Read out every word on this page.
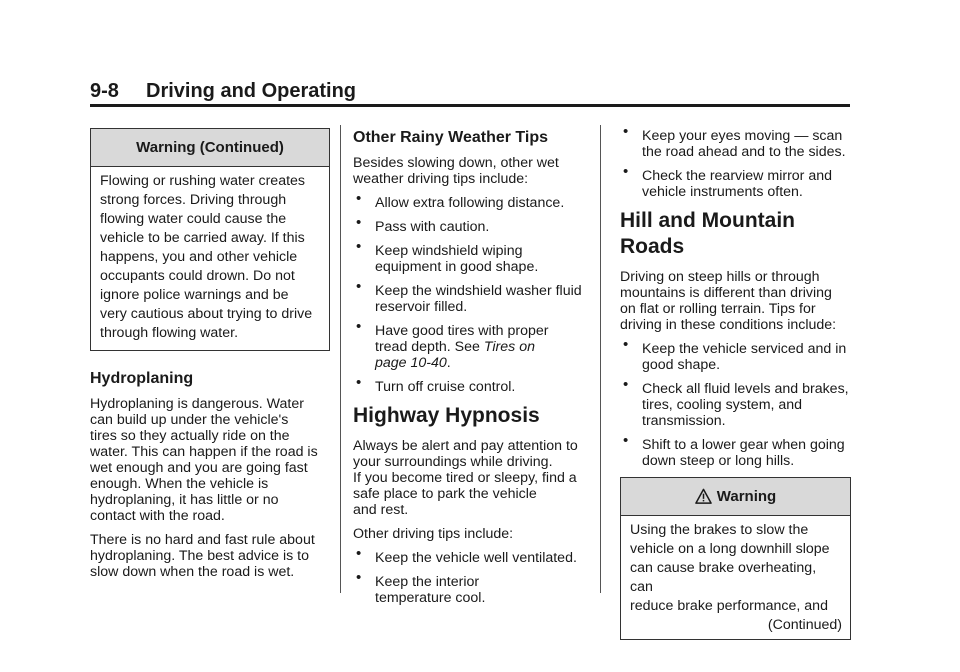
9-8	Driving and Operating
Warning (Continued)
Flowing or rushing water creates
strong forces. Driving through
flowing water could cause the
vehicle to be carried away. If this
happens, you and other vehicle
occupants could drown. Do not
ignore police warnings and be
very cautious about trying to drive
through flowing water.
Hydroplaning
Hydroplaning is dangerous. Water
can build up under the vehicle's
tires so they actually ride on the
water. This can happen if the road is
wet enough and you are going fast
enough. When the vehicle is
hydroplaning, it has little or no
contact with the road.
There is no hard and fast rule about
hydroplaning. The best advice is to
slow down when the road is wet.
Other Rainy Weather Tips
Besides slowing down, other wet
weather driving tips include:
• Allow extra following distance.
• Pass with caution.
• Keep windshield wiping
equipment in good shape.
• Keep the windshield washer fluid
reservoir filled.
• Have good tires with proper
tread depth. See Tires on
page 10-40.
• Turn off cruise control.
Highway Hypnosis
Always be alert and pay attention to
your surroundings while driving.
If you become tired or sleepy, find a
safe place to park the vehicle
and rest.
Other driving tips include:
• Keep the vehicle well ventilated.
• Keep the interior
temperature cool.
• Keep your eyes moving — scan
the road ahead and to the sides.
• Check the rearview mirror and
vehicle instruments often.
Hill and Mountain Roads
Driving on steep hills or through
mountains is different than driving
on flat or rolling terrain. Tips for
driving in these conditions include:
• Keep the vehicle serviced and in
good shape.
• Check all fluid levels and brakes,
tires, cooling system, and
transmission.
• Shift to a lower gear when going
down steep or long hills.
Warning
Using the brakes to slow the
vehicle on a long downhill slope
can cause brake overheating, can
reduce brake performance, and
(Continued)
